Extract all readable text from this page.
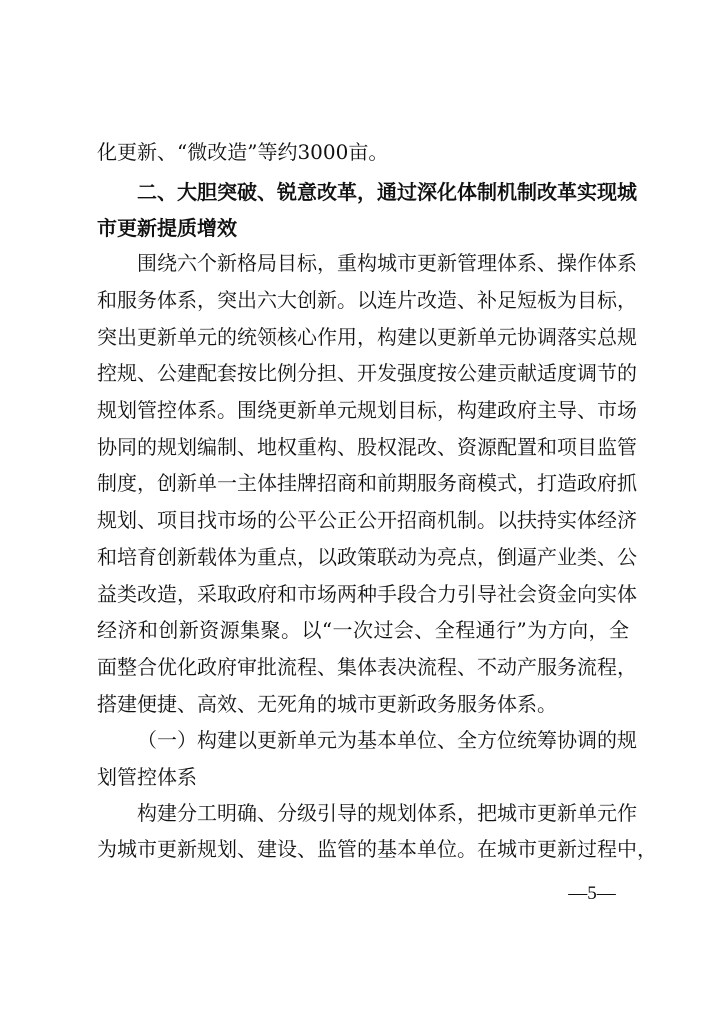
化更新、“微改造”等约3000亩。
二、大胆突破、锐意改革，通过深化体制机制改革实现城
市更新提质增效
围绕六个新格局目标，重构城市更新管理体系、操作体系
和服务体系，突出六大创新。以连片改造、补足短板为目标，
突出更新单元的统领核心作用，构建以更新单元协调落实总规
控规、公建配套按比例分担、开发强度按公建贡献适度调节的
规划管控体系。围绕更新单元规划目标，构建政府主导、市场
协同的规划编制、地权重构、股权混改、资源配置和项目监管
制度，创新单一主体挂牌招商和前期服务商模式，打造政府抓
规划、项目找市场的公平公正公开招商机制。以扶持实体经济
和培育创新载体为重点，以政策联动为亮点，倒逼产业类、公
益类改造，采取政府和市场两种手段合力引导社会资金向实体
经济和创新资源集聚。以“一次过会、全程通行”为方向，全
面整合优化政府审批流程、集体表决流程、不动产服务流程，
搭建便捷、高效、无死角的城市更新政务服务体系。
（一）构建以更新单元为基本单位、全方位统筹协调的规
划管控体系
构建分工明确、分级引导的规划体系，把城市更新单元作
为城市更新规划、建设、监管的基本单位。在城市更新过程中，
—5—
